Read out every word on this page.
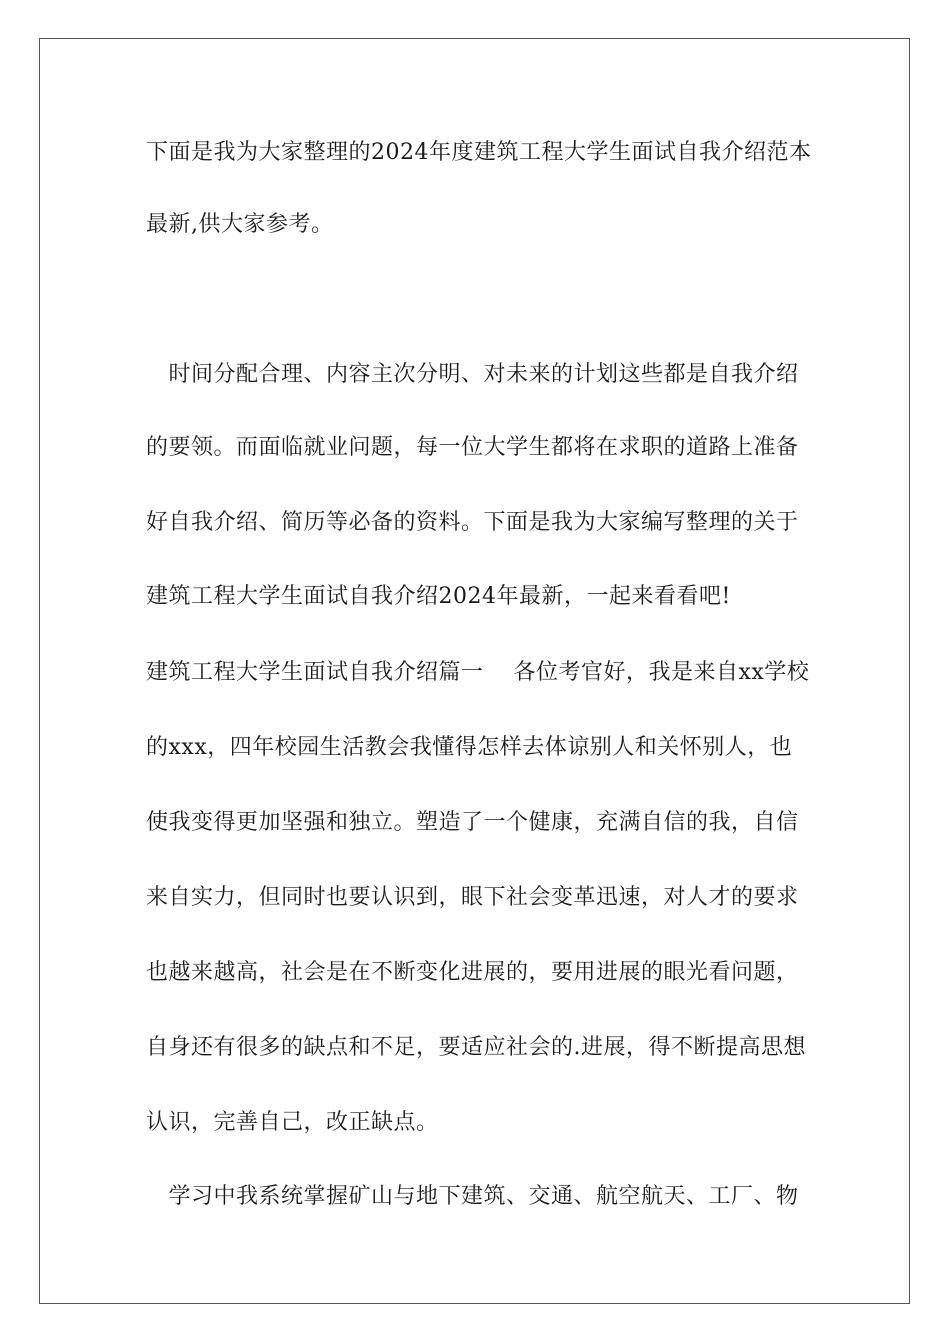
下面是我为大家整理的2024年度建筑工程大学生面试自我介绍范本
最新,供大家参考。
　时间分配合理、内容主次分明、对未来的计划这些都是自我介绍
的要领。而面临就业问题，每一位大学生都将在求职的道路上准备
好自我介绍、简历等必备的资料。下面是我为大家编写整理的关于
建筑工程大学生面试自我介绍2024年最新，一起来看看吧!
建筑工程大学生面试自我介绍篇一　 各位考官好，我是来自xx学校
的xxx，四年校园生活教会我懂得怎样去体谅别人和关怀别人，也
使我变得更加坚强和独立。塑造了一个健康，充满自信的我，自信
来自实力，但同时也要认识到，眼下社会变革迅速，对人才的要求
也越来越高，社会是在不断变化进展的，要用进展的眼光看问题，
自身还有很多的缺点和不足，要适应社会的.进展，得不断提高思想
认识，完善自己，改正缺点。
　学习中我系统掌握矿山与地下建筑、交通、航空航天、工厂、物
